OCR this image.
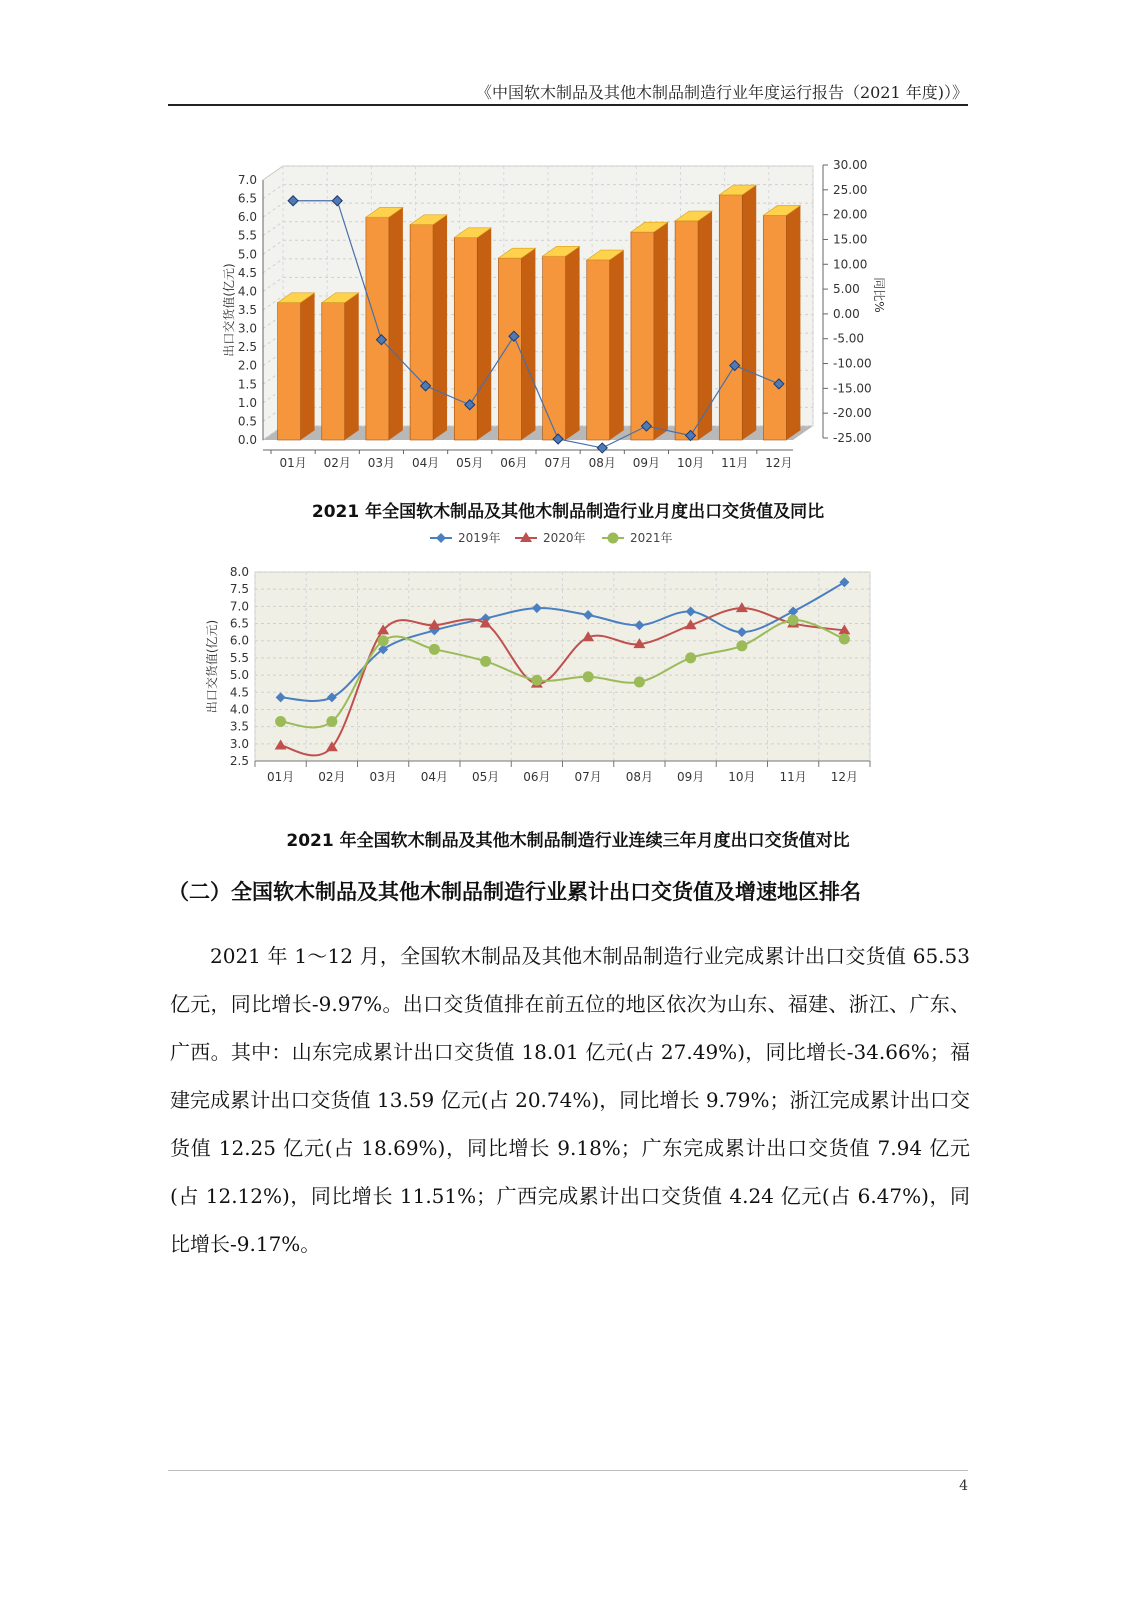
《中国软木制品及其他木制品制造行业年度运行报告（2021 年度)）》
0.0
0.5
1.0
1.5
2.0
2.5
3.0
3.5
4.0
4.5
5.0
5.5
6.0
6.5
7.0
-25.00
-20.00
-15.00
-10.00
-5.00
0.00
5.00
10.00
15.00
20.00
25.00
30.00
出口交货值(亿元)	同比%
01月 02月 03月 04月 05月 06月 07月 08月 09月 10月 11月 12月
2021 年全国软木制品及其他木制品制造行业月度出口交货值及同比
2.5
3.0
3.5
4.0
4.5
5.0
5.5
6.0
6.5
7.0
7.5
8.0
01月 02月 03月 04月 05月 06月 07月 08月 09月 10月 11月 12月
出口交货值(亿元)
2019年	2020年	2021年
2021 年全国软木制品及其他木制品制造行业连续三年月度出口交货值对比
（二）全国软木制品及其他木制品制造行业累计出口交货值及增速地区排名
2021 年 1～12 月，全国软木制品及其他木制品制造行业完成累计出口交货值 65.53 亿元，同比增长-9.97%。出口交货值排在前五位的地区依次为山东、福建、浙江、广东、广西。其中：山东完成累计出口交货值 18.01 亿元(占 27.49%)，同比增长-34.66%；福建完成累计出口交货值 13.59 亿元(占 20.74%)，同比增长 9.79%；浙江完成累计出口交货值 12.25 亿元(占 18.69%)，同比增长 9.18%；广东完成累计出口交货值 7.94 亿元(占 12.12%)，同比增长 11.51%；广西完成累计出口交货值 4.24 亿元(占 6.47%)，同比增长-9.17%。
4
